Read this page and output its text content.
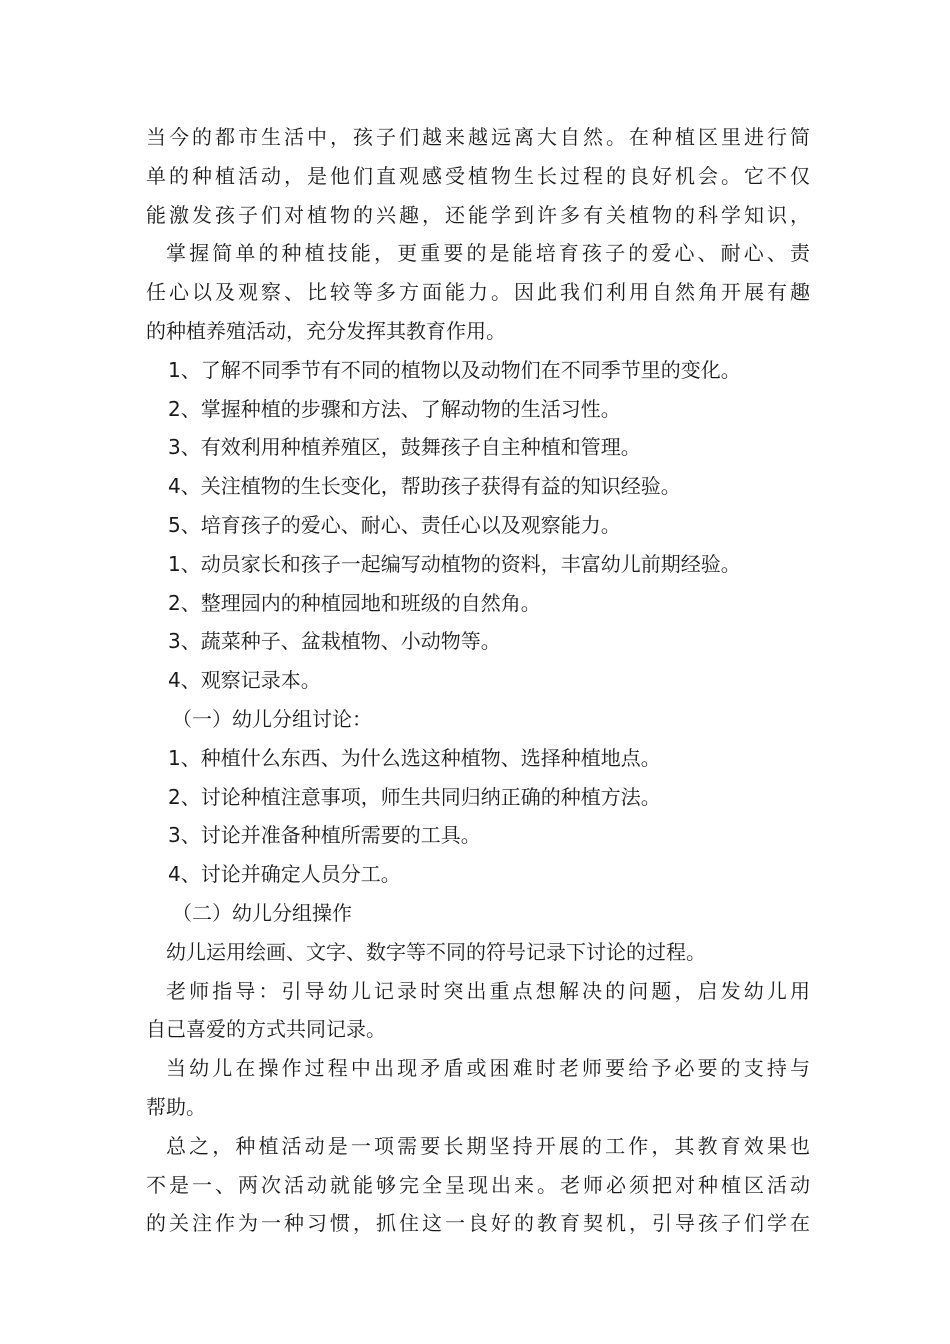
当今的都市生活中，孩子们越来越远离大自然。在种植区里进行简
单的种植活动，是他们直观感受植物生长过程的良好机会。它不仅
能激发孩子们对植物的兴趣，还能学到许多有关植物的科学知识，
掌握简单的种植技能，更重要的是能培育孩子的爱心、耐心、责
任心以及观察、比较等多方面能力。因此我们利用自然角开展有趣
的种植养殖活动，充分发挥其教育作用。
1、了解不同季节有不同的植物以及动物们在不同季节里的变化。
2、掌握种植的步骤和方法、了解动物的生活习性。
3、有效利用种植养殖区，鼓舞孩子自主种植和管理。
4、关注植物的生长变化，帮助孩子获得有益的知识经验。
5、培育孩子的爱心、耐心、责任心以及观察能力。
1、动员家长和孩子一起编写动植物的资料，丰富幼儿前期经验。
2、整理园内的种植园地和班级的自然角。
3、蔬菜种子、盆栽植物、小动物等。
4、观察记录本。
（一）幼儿分组讨论：
1、种植什么东西、为什么选这种植物、选择种植地点。
2、讨论种植注意事项，师生共同归纳正确的种植方法。
3、讨论并准备种植所需要的工具。
4、讨论并确定人员分工。
（二）幼儿分组操作
幼儿运用绘画、文字、数字等不同的符号记录下讨论的过程。
老师指导：引导幼儿记录时突出重点想解决的问题，启发幼儿用
自己喜爱的方式共同记录。
当幼儿在操作过程中出现矛盾或困难时老师要给予必要的支持与
帮助。
总之，种植活动是一项需要长期坚持开展的工作，其教育效果也
不是一、两次活动就能够完全呈现出来。老师必须把对种植区活动
的关注作为一种习惯，抓住这一良好的教育契机，引导孩子们学在
